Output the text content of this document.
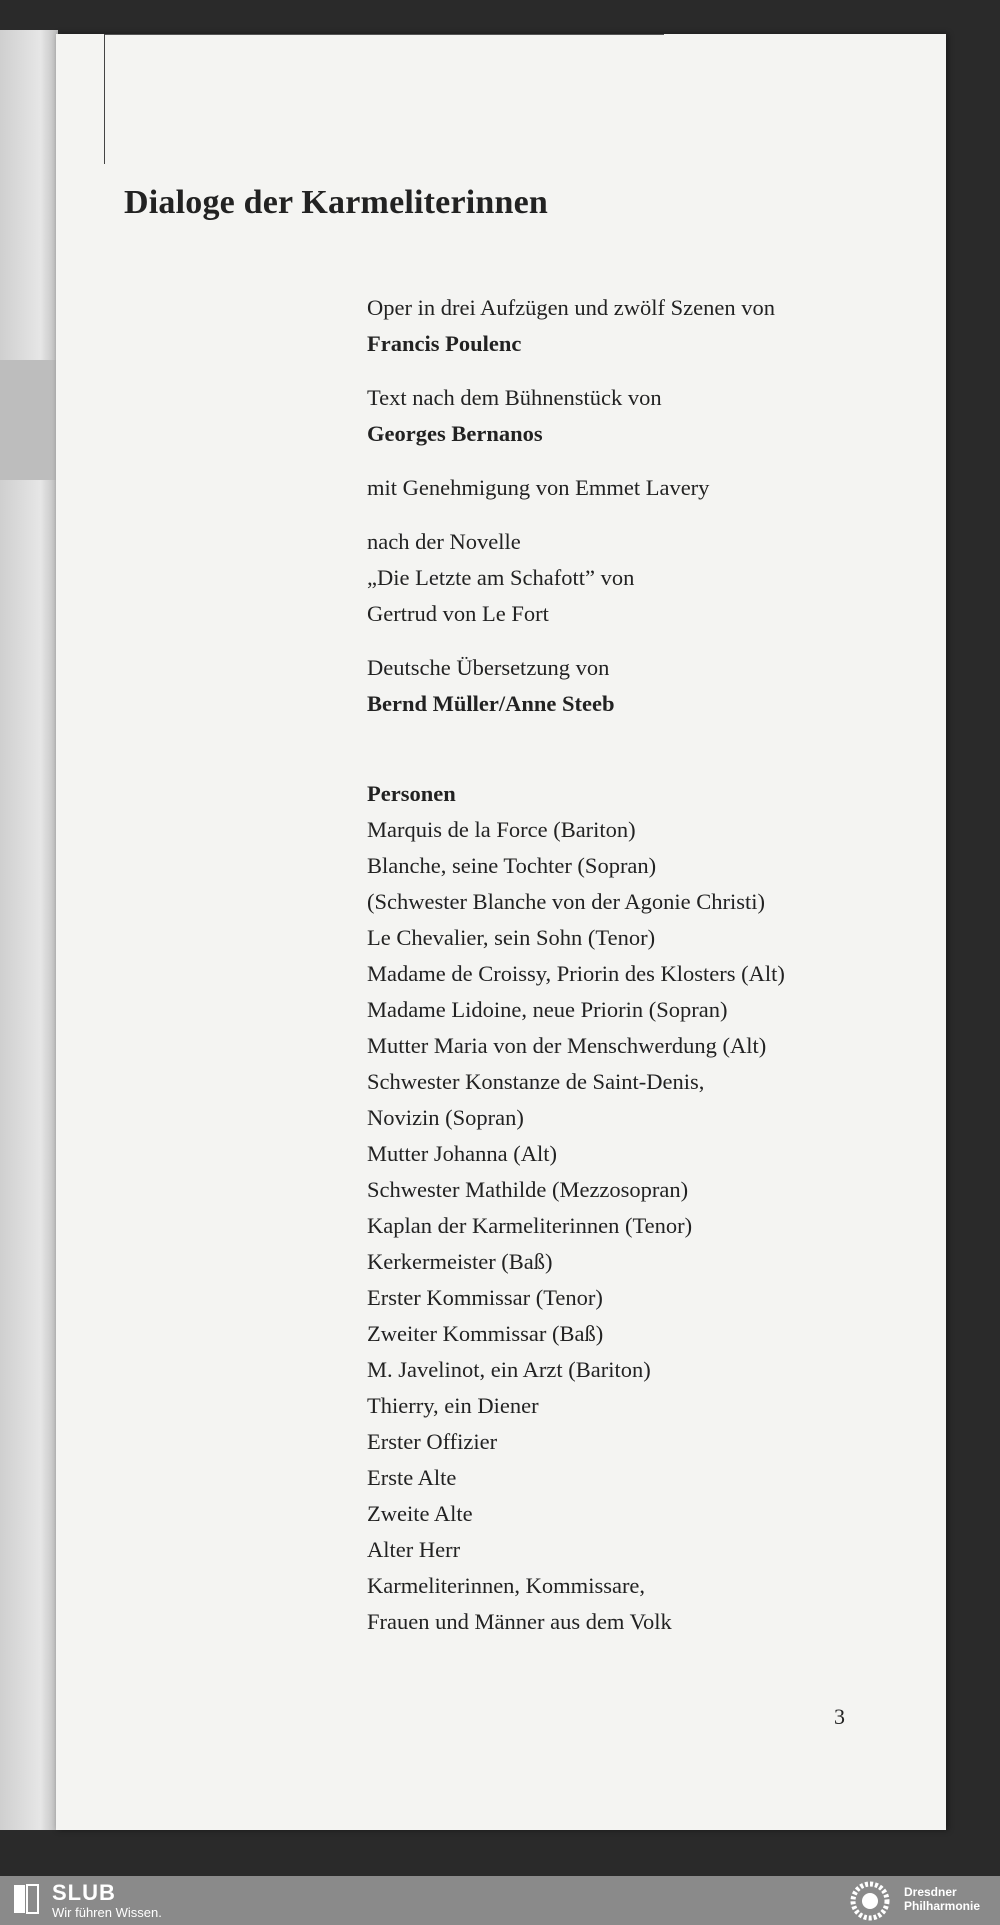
Dialoge der Karmeliterinnen
Oper in drei Aufzügen und zwölf Szenen von
Francis Poulenc
Text nach dem Bühnenstück von
Georges Bernanos
mit Genehmigung von Emmet Lavery
nach der Novelle
„Die Letzte am Schafott” von
Gertrud von Le Fort
Deutsche Übersetzung von
Bernd Müller/Anne Steeb
Personen
Marquis de la Force (Bariton)
Blanche, seine Tochter (Sopran)
(Schwester Blanche von der Agonie Christi)
Le Chevalier, sein Sohn (Tenor)
Madame de Croissy, Priorin des Klosters (Alt)
Madame Lidoine, neue Priorin (Sopran)
Mutter Maria von der Menschwerdung (Alt)
Schwester Konstanze de Saint-Denis,
Novizin (Sopran)
Mutter Johanna (Alt)
Schwester Mathilde (Mezzosopran)
Kaplan der Karmeliterinnen (Tenor)
Kerkermeister (Baß)
Erster Kommissar (Tenor)
Zweiter Kommissar (Baß)
M. Javelinot, ein Arzt (Bariton)
Thierry, ein Diener
Erster Offizier
Erste Alte
Zweite Alte
Alter Herr
Karmeliterinnen, Kommissare,
Frauen und Männer aus dem Volk
3
SLUB
Wir führen Wissen.
Dresdner
Philharmonie
